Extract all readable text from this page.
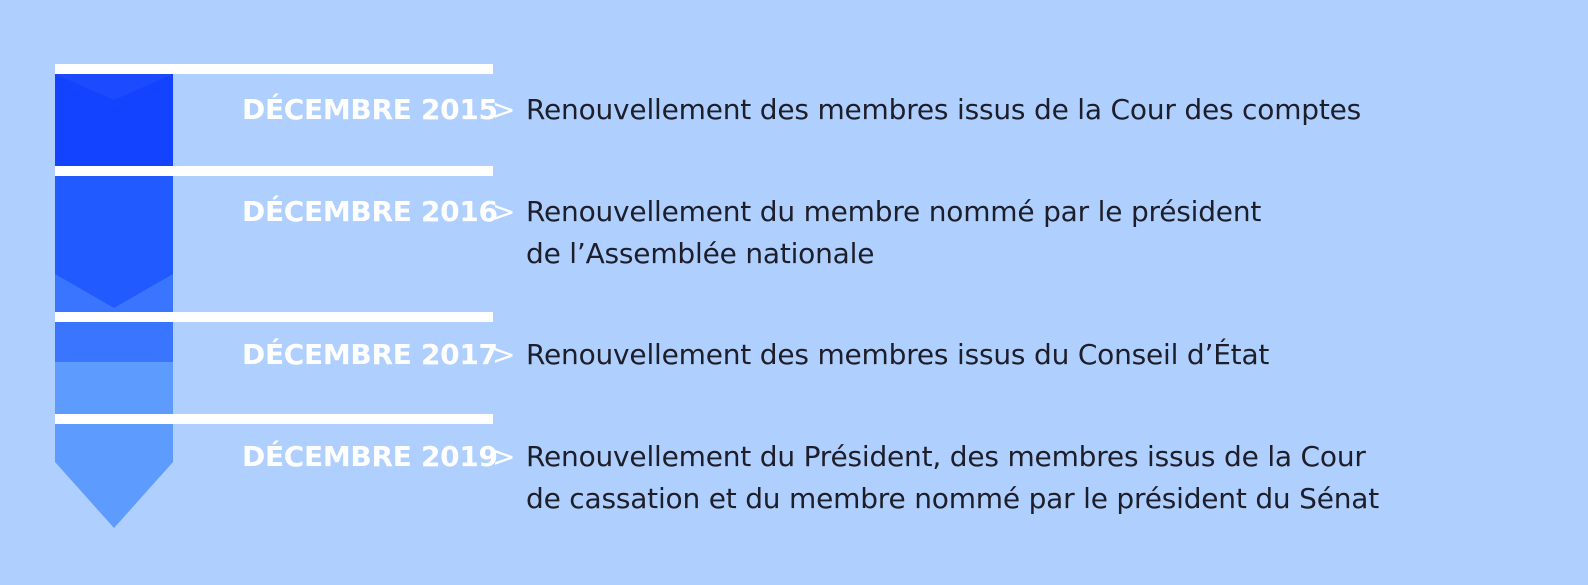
DÉCEMBRE 2015> Renouvellement des membres issus de la Cour des comptes
DÉCEMBRE 2016> Renouvellement du membre nommé par le président
de l’Assemblée nationale
DÉCEMBRE 2017> Renouvellement des membres issus du Conseil d’État
DÉCEMBRE 2019> Renouvellement du Président, des membres issus de la Cour
de cassation et du membre nommé par le président du Sénat
